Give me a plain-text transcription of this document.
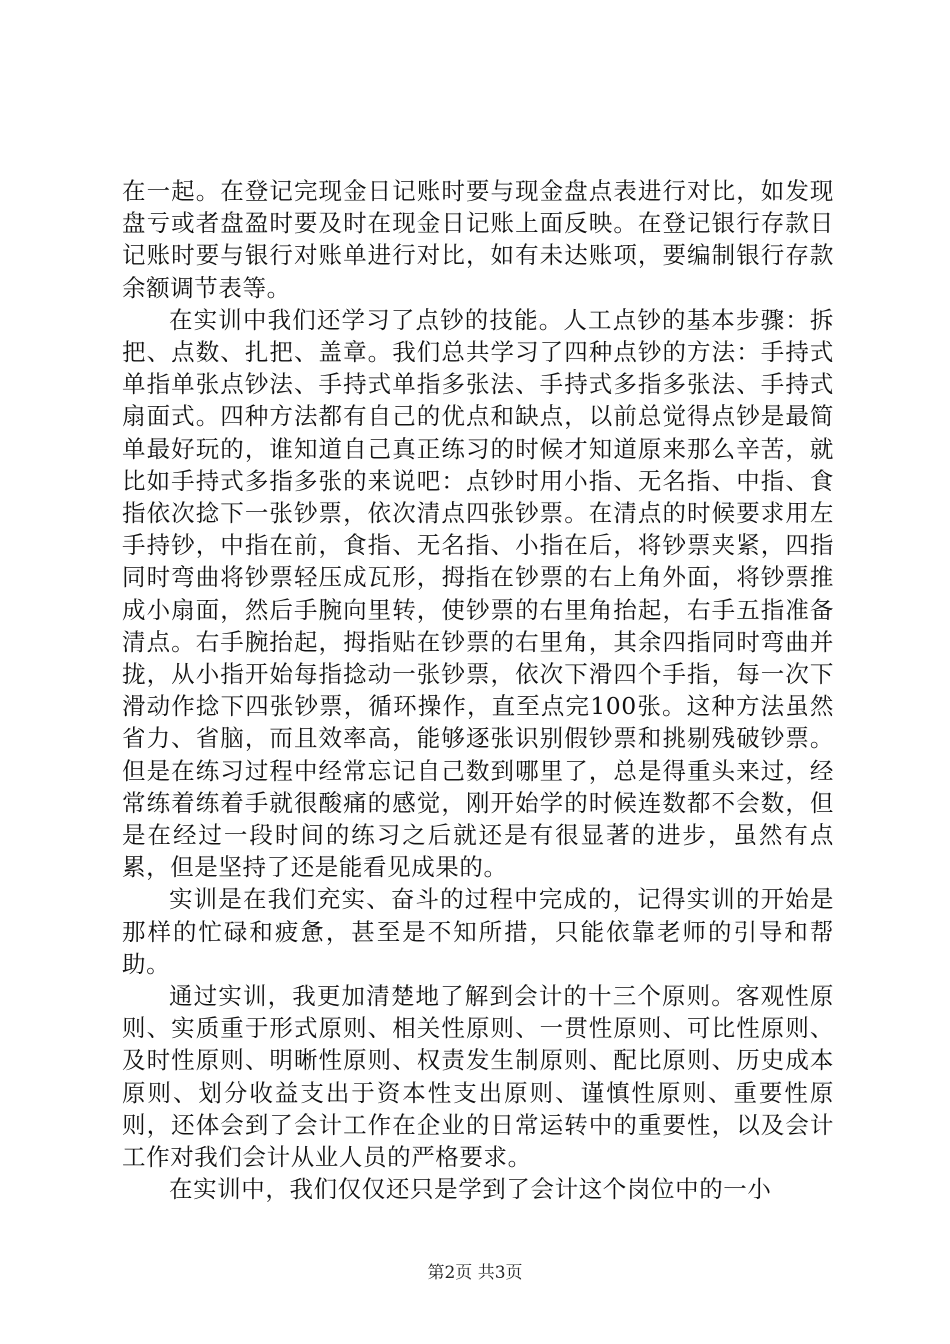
在一起。在登记完现金日记账时要与现金盘点表进行对比，如发现盘亏或者盘盈时要及时在现金日记账上面反映。在登记银行存款日记账时要与银行对账单进行对比，如有未达账项，要编制银行存款余额调节表等。

在实训中我们还学习了点钞的技能。人工点钞的基本步骤：拆把、点数、扎把、盖章。我们总共学习了四种点钞的方法：手持式单指单张点钞法、手持式单指多张法、手持式多指多张法、手持式扇面式。四种方法都有自己的优点和缺点，以前总觉得点钞是最简单最好玩的，谁知道自己真正练习的时候才知道原来那么辛苦，就比如手持式多指多张的来说吧：点钞时用小指、无名指、中指、食指依次捻下一张钞票，依次清点四张钞票。在清点的时候要求用左手持钞，中指在前，食指、无名指、小指在后，将钞票夹紧，四指同时弯曲将钞票轻压成瓦形，拇指在钞票的右上角外面，将钞票推成小扇面，然后手腕向里转，使钞票的右里角抬起，右手五指准备清点。右手腕抬起，拇指贴在钞票的右里角，其余四指同时弯曲并拢，从小指开始每指捻动一张钞票，依次下滑四个手指，每一次下滑动作捻下四张钞票，循环操作，直至点完100张。这种方法虽然省力、省脑，而且效率高，能够逐张识别假钞票和挑剔残破钞票。但是在练习过程中经常忘记自己数到哪里了，总是得重头来过，经常练着练着手就很酸痛的感觉，刚开始学的时候连数都不会数，但是在经过一段时间的练习之后就还是有很显著的进步，虽然有点累，但是坚持了还是能看见成果的。

实训是在我们充实、奋斗的过程中完成的，记得实训的开始是那样的忙碌和疲惫，甚至是不知所措，只能依靠老师的引导和帮助。

通过实训，我更加清楚地了解到会计的十三个原则。客观性原则、实质重于形式原则、相关性原则、一贯性原则、可比性原则、及时性原则、明晰性原则、权责发生制原则、配比原则、历史成本原则、划分收益支出于资本性支出原则、谨慎性原则、重要性原则，还体会到了会计工作在企业的日常运转中的重要性，以及会计工作对我们会计从业人员的严格要求。

在实训中，我们仅仅还只是学到了会计这个岗位中的一小

第2页 共3页
